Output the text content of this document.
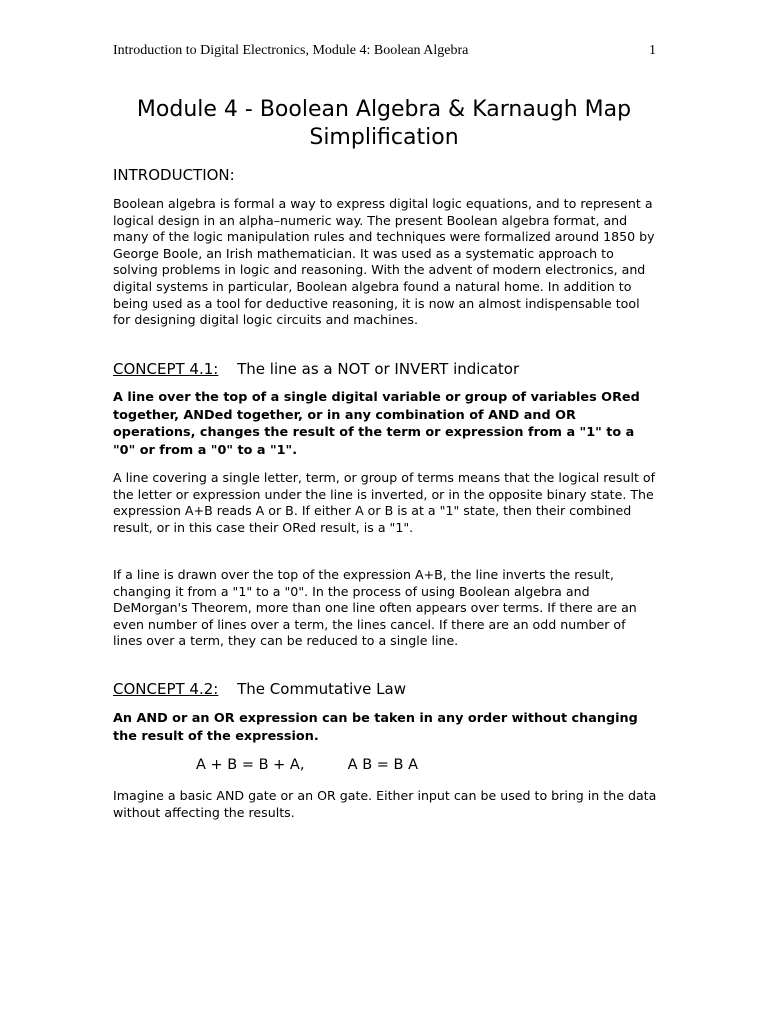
Introduction to Digital Electronics, Module 4: Boolean Algebra	1
Module 4 - Boolean Algebra & Karnaugh Map
Simplification
INTRODUCTION:

Boolean algebra is formal a way to express digital logic equations, and to represent a logical design in an alpha–numeric way. The present Boolean algebra format, and many of the logic manipulation rules and techniques were formalized around 1850 by George Boole, an Irish mathematician. It was used as a systematic approach to solving problems in logic and reasoning. With the advent of modern electronics, and digital systems in particular, Boolean algebra found a natural home. In addition to being used as a tool for deductive reasoning, it is now an almost indispensable tool for designing digital logic circuits and machines.

CONCEPT 4.1: The line as a NOT or INVERT indicator

A line over the top of a single digital variable or group of variables ORed together, ANDed together, or in any combination of AND and OR operations, changes the result of the term or expression from a "1" to a "0" or from a "0" to a "1".

A line covering a single letter, term, or group of terms means that the logical result of the letter or expression under the line is inverted, or in the opposite binary state. The expression A+B reads A or B. If either A or B is at a "1" state, then their combined result, or in this case their ORed result, is a "1".

If a line is drawn over the top of the expression A+B, the line inverts the result, changing it from a "1" to a "0". In the process of using Boolean algebra and DeMorgan's Theorem, more than one line often appears over terms. If there are an even number of lines over a term, the lines cancel. If there are an odd number of lines over a term, they can be reduced to a single line.

CONCEPT 4.2: The Commutative Law

An AND or an OR expression can be taken in any order without changing the result of the expression.

A + B = B + A,	A B = B A

Imagine a basic AND gate or an OR gate. Either input can be used to bring in the data without affecting the results.
